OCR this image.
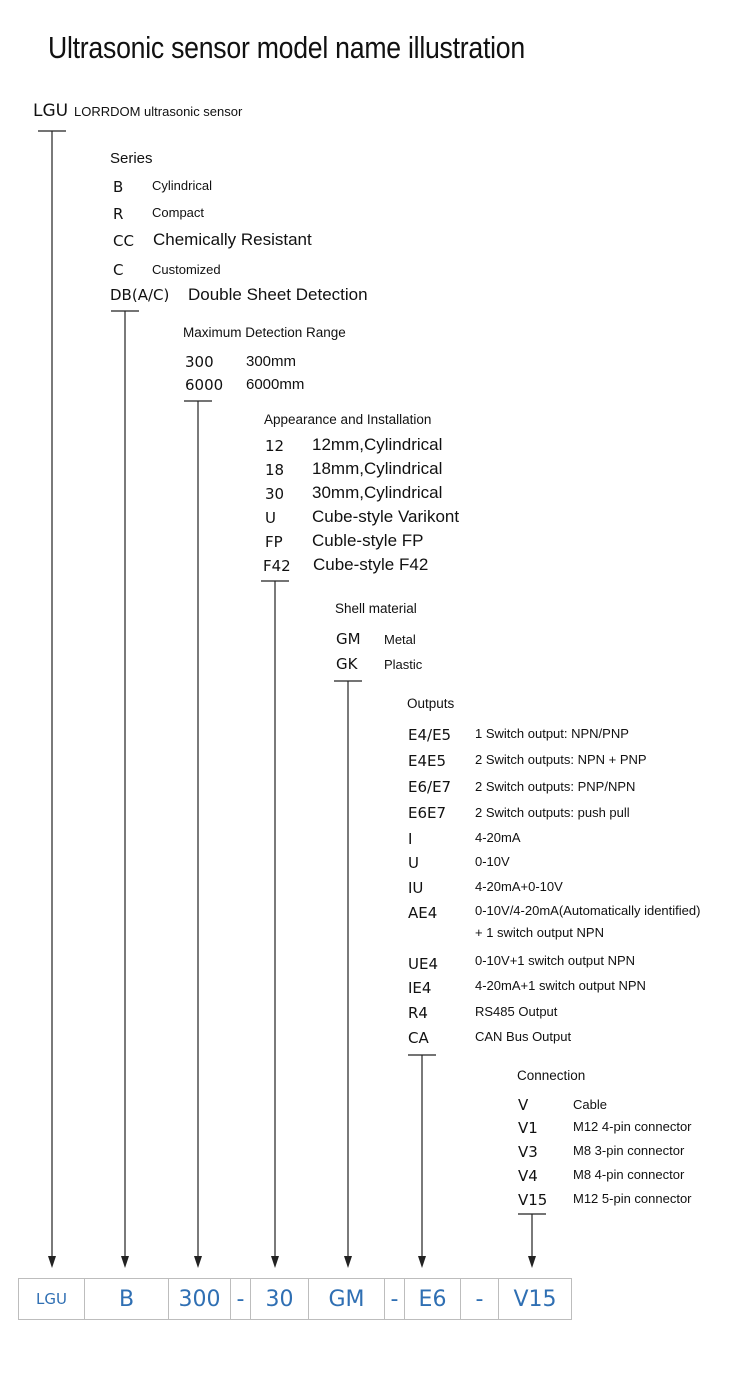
Ultrasonic sensor model name illustration
LGU LORRDOM ultrasonic sensor
Series
B Cylindrical
R Compact
CC Chemically Resistant
C Customized
DB(A/C) Double Sheet Detection
Maximum Detection Range
300 300mm
6000 6000mm
Appearance and Installation
12 12mm,Cylindrical
18 18mm,Cylindrical
30 30mm,Cylindrical
U Cube-style Varikont
FP Cuble-style FP
F42 Cube-style F42
Shell material
GM Metal
GK Plastic
Outputs
E4/E5 1 Switch output: NPN/PNP
E4E5 2 Switch outputs: NPN + PNP
E6/E7 2 Switch outputs: PNP/NPN
E6E7 2 Switch outputs: push pull
I	4-20mA
U	0-10V
IU	4-20mA+0-10V
AE4	0-10V/4-20mA(Automatically identified)
+ 1 switch output NPN
UE4	0-10V+1 switch output NPN
IE4	4-20mA+1 switch output NPN
R4	RS485 Output
CA	CAN Bus Output
Connection
V	Cable
V1	M12 4-pin connector
V3	M8 3-pin connector
V4	M8 4-pin connector
V15 M12 5-pin connector
LGU	B	300 - 30	GM	- E6	-	V15
